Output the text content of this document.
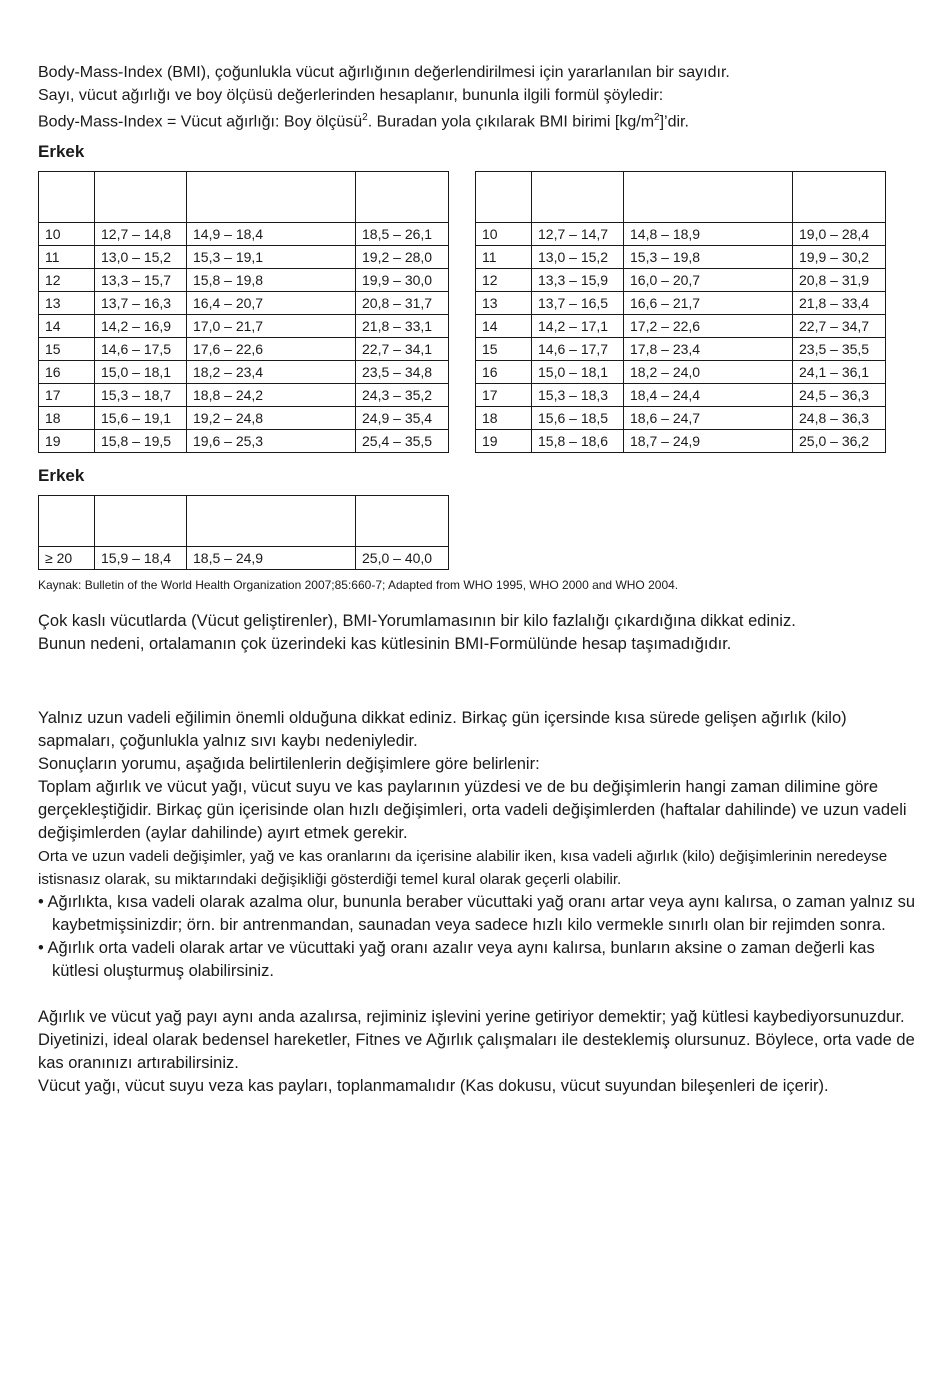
Body-Mass-Index (BMI), çoğunlukla vücut ağırlığının değerlendirilmesi için yararlanılan bir sayıdır.

Sayı, vücut ağırlığı ve boy ölçüsü değerlerinden hesaplanır, bununla ilgili formül şöyledir:

Body-Mass-Index = Vücut ağırlığı: Boy ölçüsü$^2$. Buradan yola çıkılarak BMI birimi $[kg/m^2]’dir$.

Erkek

10	12,7 – 14,8	14,9 – 18,4	18,5 – 26,1
11	13,0 – 15,2	15,3 – 19,1	19,2 – 28,0
12	13,3 – 15,7	15,8 – 19,8	19,9 – 30,0
13	13,7 – 16,3	16,4 – 20,7	20,8 – 31,7
14	14,2 – 16,9	17,0 – 21,7	21,8 – 33,1
15	14,6 – 17,5	17,6 – 22,6	22,7 – 34,1
16	15,0 – 18,1	18,2 – 23,4	23,5 – 34,8
17	15,3 – 18,7	18,8 – 24,2	24,3 – 35,2
18	15,6 – 19,1	19,2 – 24,8	24,9 – 35,4
19	15,8 – 19,5	19,6 – 25,3	25,4 – 35,5

10	12,7 – 14,7	14,8 – 18,9	19,0 – 28,4
11	13,0 – 15,2	15,3 – 19,8	19,9 – 30,2
12	13,3 – 15,9	16,0 – 20,7	20,8 – 31,9
13	13,7 – 16,5	16,6 – 21,7	21,8 – 33,4
14	14,2 – 17,1	17,2 – 22,6	22,7 – 34,7
15	14,6 – 17,7	17,8 – 23,4	23,5 – 35,5
16	15,0 – 18,1	18,2 – 24,0	24,1 – 36,1
17	15,3 – 18,3	18,4 – 24,4	24,5 – 36,3
18	15,6 – 18,5	18,6 – 24,7	24,8 – 36,3
19	15,8 – 18,6	18,7 – 24,9	25,0 – 36,2
Erkek

≥ 20	15,9 – 18,4	18,5 – 24,9	25,0 – 40,0

Kaynak: Bulletin of the World Health Organization 2007;85:660-7; Adapted from WHO 1995, WHO 2000 and WHO 2004.

Çok kaslı vücutlarda (Vücut geliştirenler), BMI-Yorumlamasının bir kilo fazlalığı çıkardığına dikkat ediniz.
Bunun nedeni, ortalamanın çok üzerindeki kas kütlesinin BMI-Formülünde hesap taşımadığıdır.

Yalnız uzun vadeli eğilimin önemli olduğuna dikkat ediniz. Birkaç gün içersinde kısa sürede gelişen ağırlık (kilo) sapmaları, çoğunlukla yalnız sıvı kaybı nedeniyledir.

Sonuçların yorumu, aşağıda belirtilenlerin değişimlere göre belirlenir:

Toplam ağırlık ve vücut yağı, vücut suyu ve kas paylarının yüzdesi ve de bu değişimlerin hangi zaman dilimine göre gerçekleştiğidir. Birkaç gün içerisinde olan hızlı değişimleri, orta vadeli değişimlerden (haftalar dahilinde) ve uzun vadeli değişimlerden (aylar dahilinde) ayırt etmek gerekir.

Orta ve uzun vadeli değişimler, yağ ve kas oranlarını da içerisine alabilir iken, kısa vadeli ağırlık (kilo) değişimlerinin neredeyse istisnasız olarak, su miktarındaki değişikliği gösterdiği temel kural olarak geçerli olabilir.

• Ağırlıkta, kısa vadeli olarak azalma olur, bununla beraber vücuttaki yağ oranı artar veya aynı kalırsa, o zaman yalnız su kaybetmişsinizdir; örn. bir antrenmandan, saunadan veya sadece hızlı kilo vermekle sınırlı olan bir rejimden sonra.
• Ağırlık orta vadeli olarak artar ve vücuttaki yağ oranı azalır veya aynı kalırsa, bunların aksine o zaman değerli kas kütlesi oluşturmuş olabilirsiniz.

Ağırlık ve vücut yağ payı aynı anda azalırsa, rejiminiz işlevini yerine getiriyor demektir; yağ kütlesi kaybediyorsunuzdur. Diyetinizi, ideal olarak bedensel hareketler, Fitnes ve Ağırlık çalışmaları ile desteklemiş olursunuz. Böylece, orta vade de kas oranınızı artırabilirsiniz.

Vücut yağı, vücut suyu veza kas payları, toplanmamalıdır (Kas dokusu, vücut suyundan bileşenleri de içerir).
